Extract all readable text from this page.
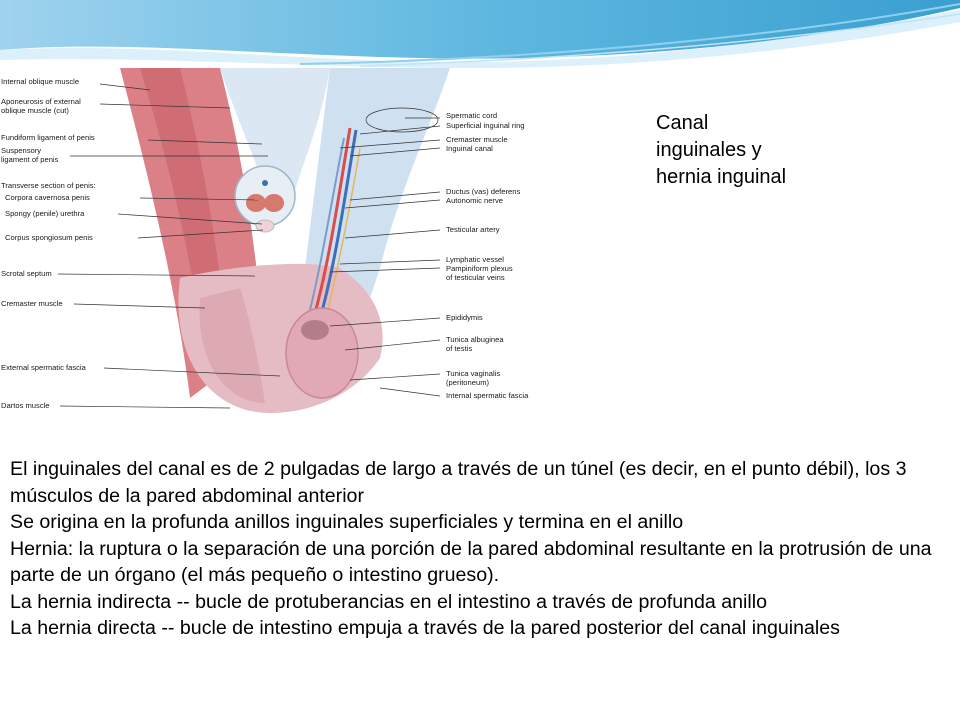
Internal oblique muscle
Aponeurosis of external
oblique muscle (cut)
Fundiform ligament of penis
Suspensory
ligament of penis
Transverse section of penis:
Corpora cavernosa penis
Spongy (penile) urethra
Corpus spongiosum penis
Scrotal septum
Cremaster muscle
External spermatic fascia
Dartos muscle
Spermatic cord
Superficial inguinal ring
Cremaster muscle
Inguinal canal
Ductus (vas) deferens
Autonomic nerve
Testicular artery
Lymphatic vessel
Pampiniform plexus
of testicular veins
Epididymis
Tunica albuginea
of testis
Tunica vaginalis
(peritoneum)
Internal spermatic fascia
Canal
inguinales y
hernia inguinal

El inguinales del canal es de 2 pulgadas de largo a través de un túnel (es decir, en el punto débil), los 3 músculos de la pared abdominal anterior

Se origina en la profunda anillos inguinales superficiales y termina en el anillo

Hernia: la ruptura o la separación de una porción de la pared abdominal resultante en la protrusión de una parte de un órgano (el más pequeño o intestino grueso).

La hernia indirecta -- bucle de protuberancias en el intestino a través de profunda anillo

La hernia directa -- bucle de intestino empuja a través de la pared posterior del canal inguinales
